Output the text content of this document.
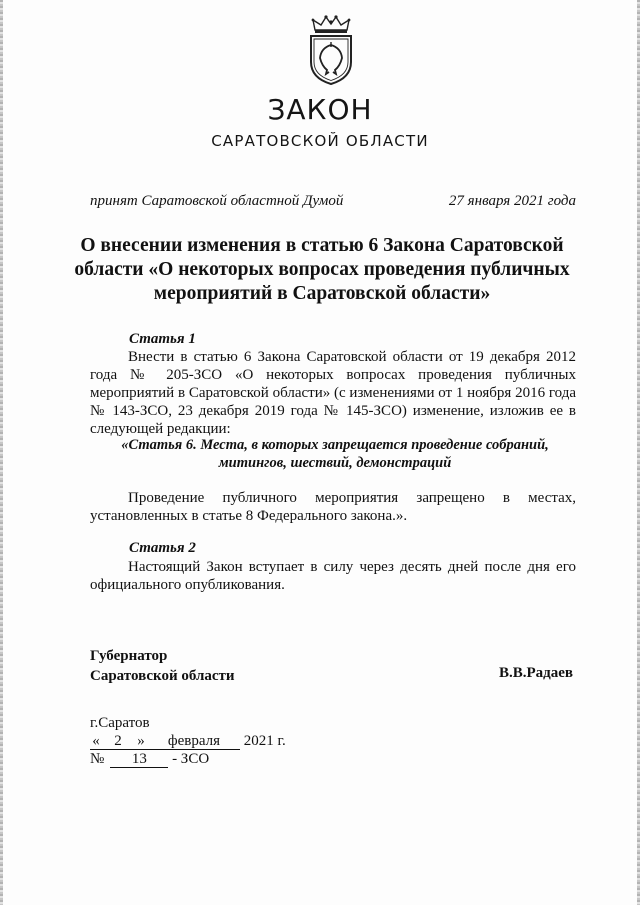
ЗАКОН
САРАТОВСКОЙ ОБЛАСТИ
принят Саратовской областной Думой	27 января 2021 года
О внесении изменения в статью 6 Закона Саратовской области «О некоторых вопросах проведения публичных мероприятий в Саратовской области»
Статья 1
Внести в статью 6 Закона Саратовской области от 19 декабря 2012 года № 205-ЗСО «О некоторых вопросах проведения публичных мероприятий в Саратовской области» (с изменениями от 1 ноября 2016 года № 143-ЗСО, 23 декабря 2019 года № 145-ЗСО) изменение, изложив ее в следующей редакции:
«Статья 6. Места, в которых запрещается проведение собраний,
митингов, шествий, демонстраций
Проведение публичного мероприятия запрещено в местах, установленных в статье 8 Федерального закона.».
Статья 2
Настоящий Закон вступает в силу через десять дней после дня его официального опубликования.
Губернатор
Саратовской области	В.В.Радаев
г.Саратов
« 2 » февраля 2021 г.
№ 13 - ЗСО
